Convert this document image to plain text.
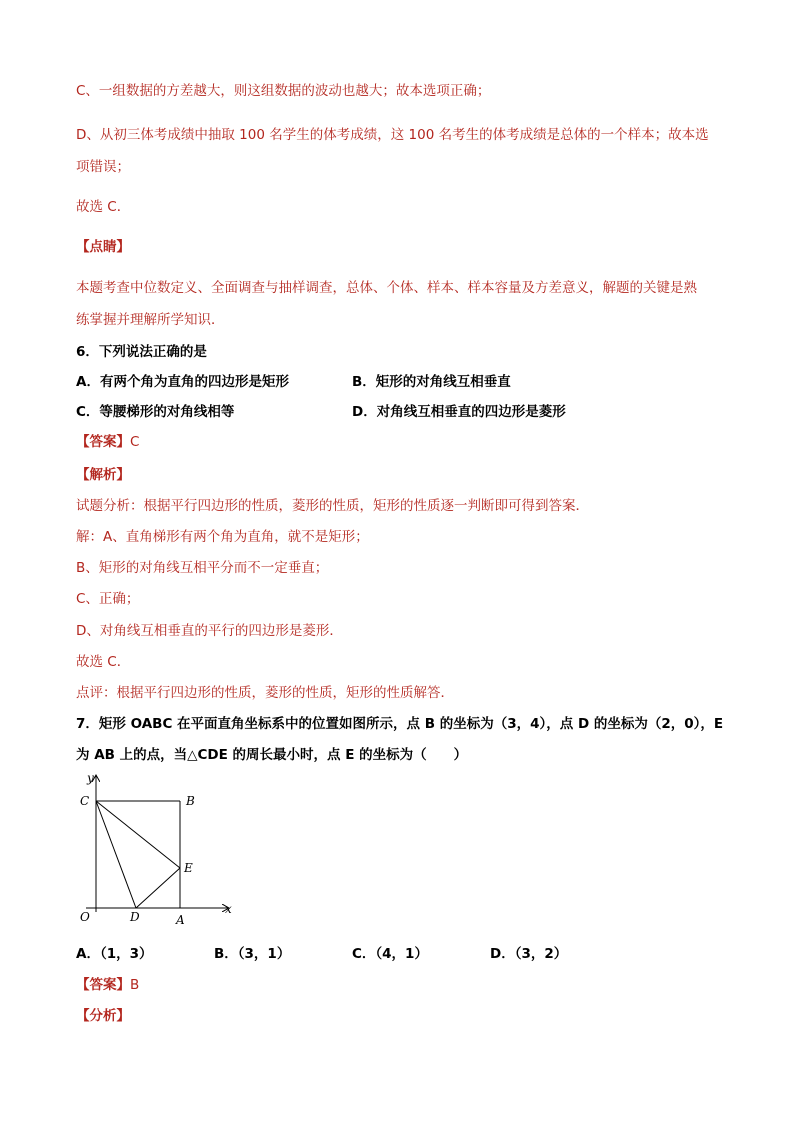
C、一组数据的方差越大，则这组数据的波动也越大；故本选项正确；
D、从初三体考成绩中抽取 100 名学生的体考成绩，这 100 名考生的体考成绩是总体的一个样本；故本选
项错误；
故选 C．
【点睛】
本题考查中位数定义、全面调查与抽样调查，总体、个体、样本、样本容量及方差意义，解题的关键是熟
练掌握并理解所学知识．
6．下列说法正确的是
A．有两个角为直角的四边形是矩形	B．矩形的对角线互相垂直
C．等腰梯形的对角线相等	D．对角线互相垂直的四边形是菱形
【答案】C
【解析】
试题分析：根据平行四边形的性质，菱形的性质，矩形的性质逐一判断即可得到答案．
解：A、直角梯形有两个角为直角，就不是矩形；
B、矩形的对角线互相平分而不一定垂直；
C、正确；
D、对角线互相垂直的平行的四边形是菱形．
故选 C．
点评：根据平行四边形的性质，菱形的性质，矩形的性质解答．
7．矩形 OABC 在平面直角坐标系中的位置如图所示，点 B 的坐标为（3，4），点 D 的坐标为（2，0），E
为 AB 上的点，当△CDE 的周长最小时，点 E 的坐标为（　　）
y
x
C	B
E
O	D	A
A．（1，3）	B．（3，1）	C．（4，1）	D．（3，2）
【答案】B
【分析】
